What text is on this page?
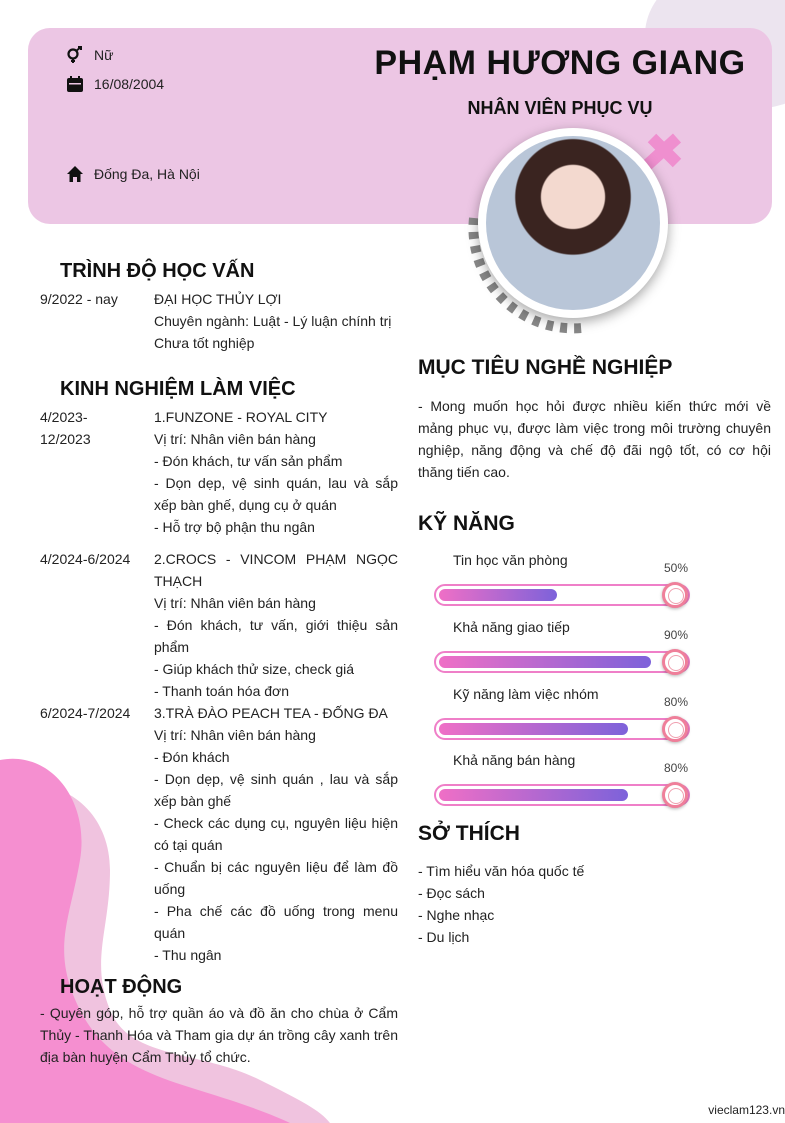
Nữ
16/08/2004
Đống Đa, Hà Nội
PHẠM HƯƠNG GIANG
NHÂN VIÊN PHỤC VỤ
TRÌNH ĐỘ HỌC VẤN
9/2022 - nay	ĐẠI HỌC THỦY LỢI
Chuyên ngành: Luật - Lý luận chính trị
Chưa tốt nghiệp
KINH NGHIỆM LÀM VIỆC
4/2023-
12/2023
1.FUNZONE - ROYAL CITY
Vị trí: Nhân viên bán hàng
- Đón khách, tư vấn sản phẩm
- Dọn dẹp, vệ sinh quán, lau và sắp xếp bàn ghế, dụng cụ ở quán
- Hỗ trợ bộ phận thu ngân
4/2024-6/2024 2.CROCS - VINCOM PHẠM NGỌC THẠCH
Vị trí: Nhân viên bán hàng
- Đón khách, tư vấn, giới thiệu sản phẩm
- Giúp khách thử size, check giá
- Thanh toán hóa đơn
6/2024-7/2024 3.TRÀ ĐÀO PEACH TEA - ĐỐNG ĐA
Vị trí: Nhân viên bán hàng
- Đón khách
- Dọn dẹp, vệ sinh quán , lau và sắp xếp bàn ghế
- Check các dụng cụ, nguyên liệu hiện có tại quán
- Chuẩn bị các nguyên liệu để làm đồ uống
- Pha chế các đồ uống trong menu quán
- Thu ngân
HOẠT ĐỘNG
- Quyên góp, hỗ trợ quần áo và đồ ăn cho chùa ở Cẩm Thủy - Thanh Hóa và Tham gia dự án trồng cây xanh trên địa bàn huyện Cẩm Thủy tổ chức.
MỤC TIÊU NGHỀ NGHIỆP
- Mong muốn học hỏi được nhiều kiến thức mới về mảng phục vụ, được làm việc trong môi trường chuyên nghiệp, năng động và chế độ đãi ngộ tốt, có cơ hội thăng tiến cao.
KỸ NĂNG
Tin học văn phòng	50%
Khả năng giao tiếp	90%
Kỹ năng làm việc nhóm	80%
Khả năng bán hàng	80%
SỞ THÍCH
- Tìm hiểu văn hóa quốc tế
- Đọc sách
- Nghe nhạc
- Du lịch
vieclam123.vn
